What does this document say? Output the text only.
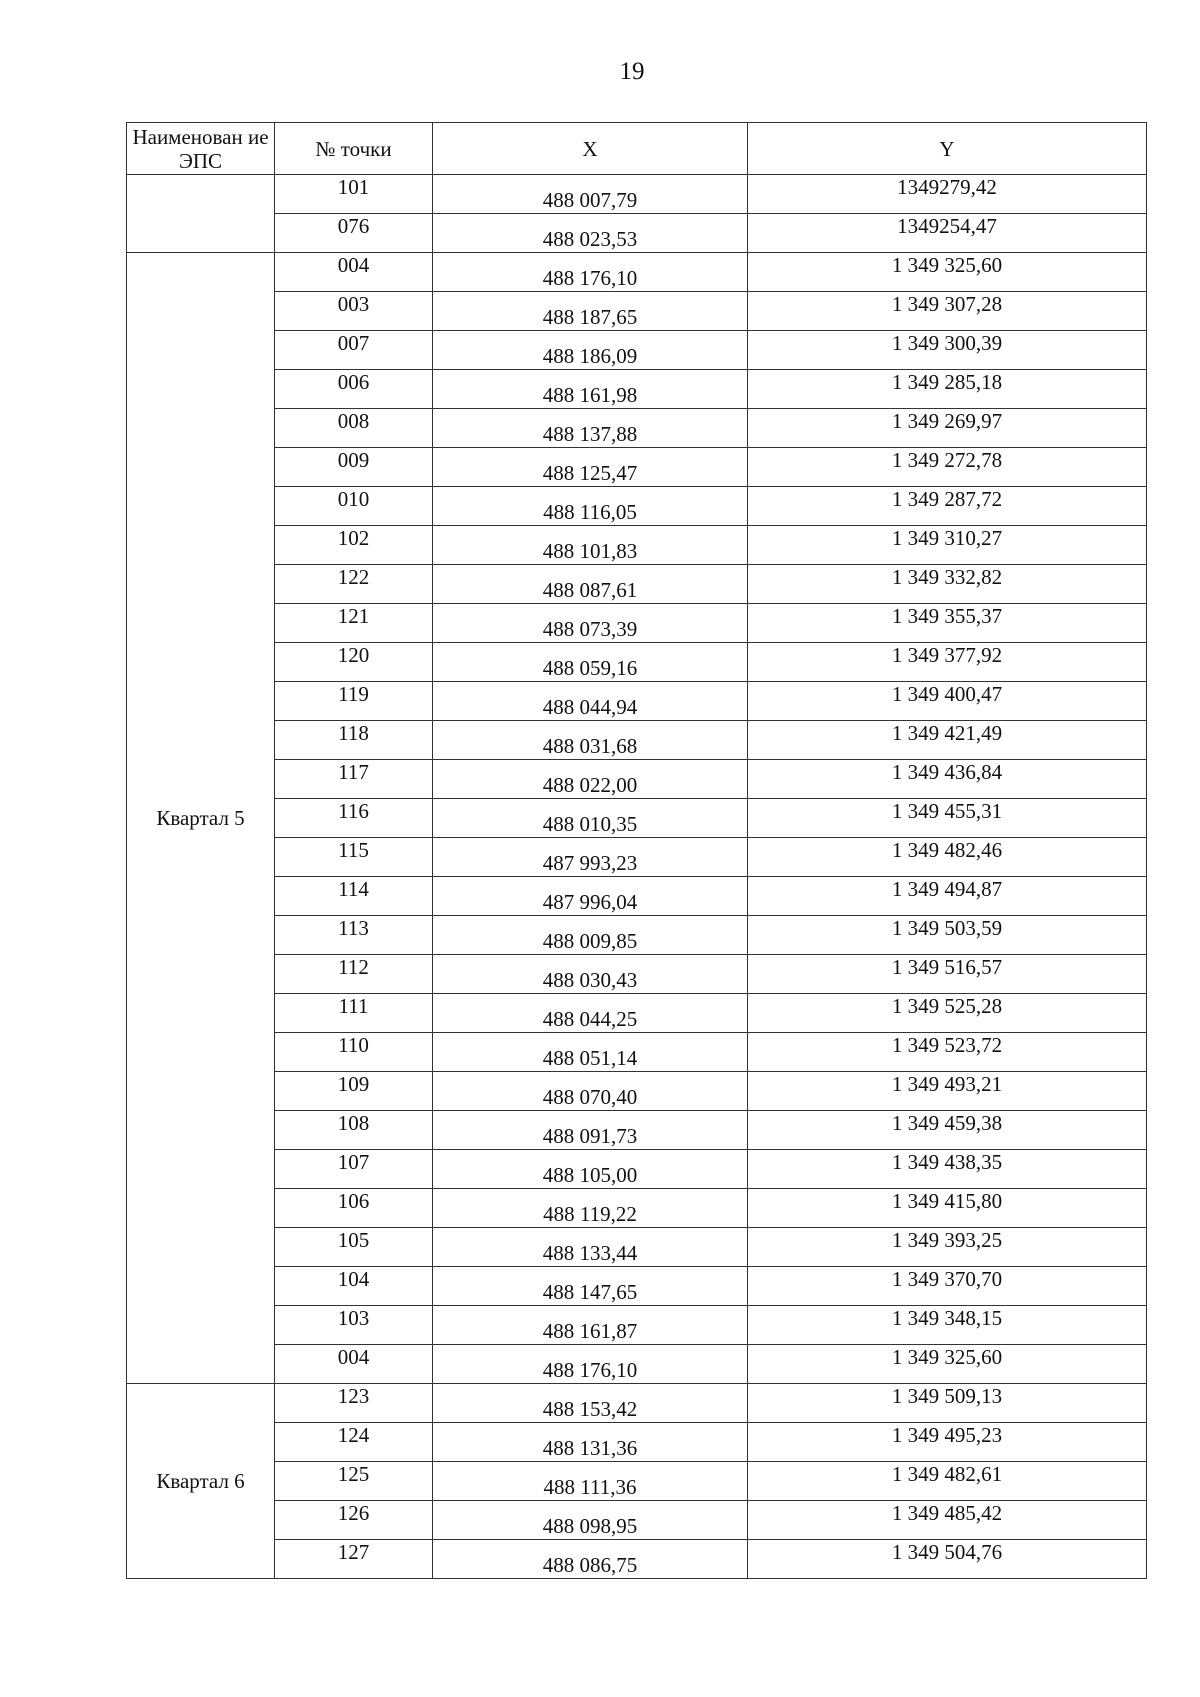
19
Наименован ие ЭПС	№ точки	X	Y
	101	488 007,79	1349279,42
	076	488 023,53	1349254,47
Квартал 5	004	488 176,10	1 349 325,60
	003	488 187,65	1 349 307,28
	007	488 186,09	1 349 300,39
	006	488 161,98	1 349 285,18
	008	488 137,88	1 349 269,97
	009	488 125,47	1 349 272,78
	010	488 116,05	1 349 287,72
	102	488 101,83	1 349 310,27
	122	488 087,61	1 349 332,82
	121	488 073,39	1 349 355,37
	120	488 059,16	1 349 377,92
	119	488 044,94	1 349 400,47
	118	488 031,68	1 349 421,49
	117	488 022,00	1 349 436,84
	116	488 010,35	1 349 455,31
	115	487 993,23	1 349 482,46
	114	487 996,04	1 349 494,87
	113	488 009,85	1 349 503,59
	112	488 030,43	1 349 516,57
	111	488 044,25	1 349 525,28
	110	488 051,14	1 349 523,72
	109	488 070,40	1 349 493,21
	108	488 091,73	1 349 459,38
	107	488 105,00	1 349 438,35
	106	488 119,22	1 349 415,80
	105	488 133,44	1 349 393,25
	104	488 147,65	1 349 370,70
	103	488 161,87	1 349 348,15
	004	488 176,10	1 349 325,60
Квартал 6	123	488 153,42	1 349 509,13
	124	488 131,36	1 349 495,23
	125	488 111,36	1 349 482,61
	126	488 098,95	1 349 485,42
	127	488 086,75	1 349 504,76
